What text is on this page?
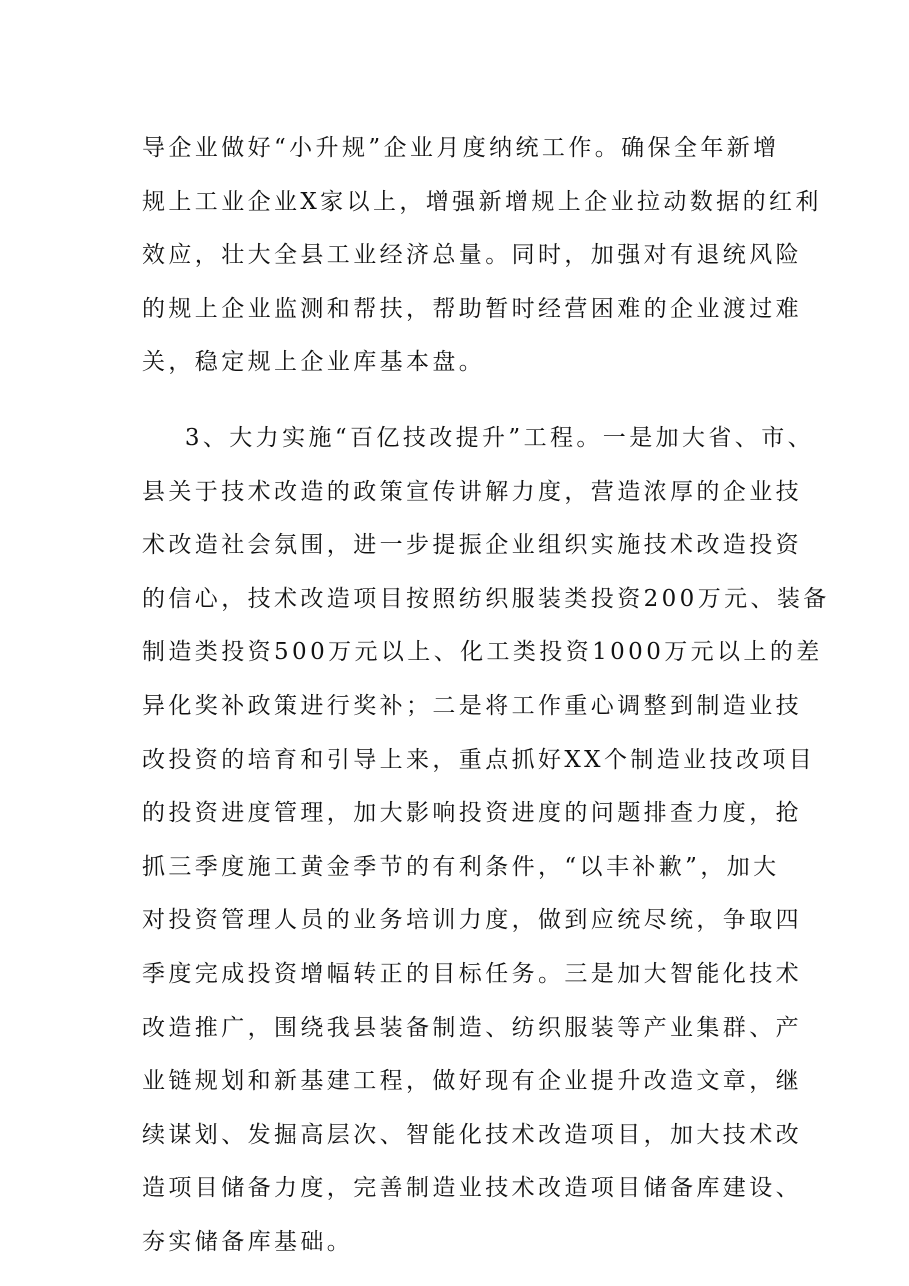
导企业做好“小升规”企业月度纳统工作。确保全年新增
规上工业企业X家以上，增强新增规上企业拉动数据的红利
效应，壮大全县工业经济总量。同时，加强对有退统风险
的规上企业监测和帮扶，帮助暂时经营困难的企业渡过难
关，稳定规上企业库基本盘。
3、大力实施“百亿技改提升”工程。一是加大省、市、
县关于技术改造的政策宣传讲解力度，营造浓厚的企业技
术改造社会氛围，进一步提振企业组织实施技术改造投资
的信心，技术改造项目按照纺织服装类投资200万元、装备
制造类投资500万元以上、化工类投资1000万元以上的差
异化奖补政策进行奖补；二是将工作重心调整到制造业技
改投资的培育和引导上来，重点抓好XX个制造业技改项目
的投资进度管理，加大影响投资进度的问题排查力度，抢
抓三季度施工黄金季节的有利条件，“以丰补歉”，加大
对投资管理人员的业务培训力度，做到应统尽统，争取四
季度完成投资增幅转正的目标任务。三是加大智能化技术
改造推广，围绕我县装备制造、纺织服装等产业集群、产
业链规划和新基建工程，做好现有企业提升改造文章，继
续谋划、发掘高层次、智能化技术改造项目，加大技术改
造项目储备力度，完善制造业技术改造项目储备库建设、
夯实储备库基础。
